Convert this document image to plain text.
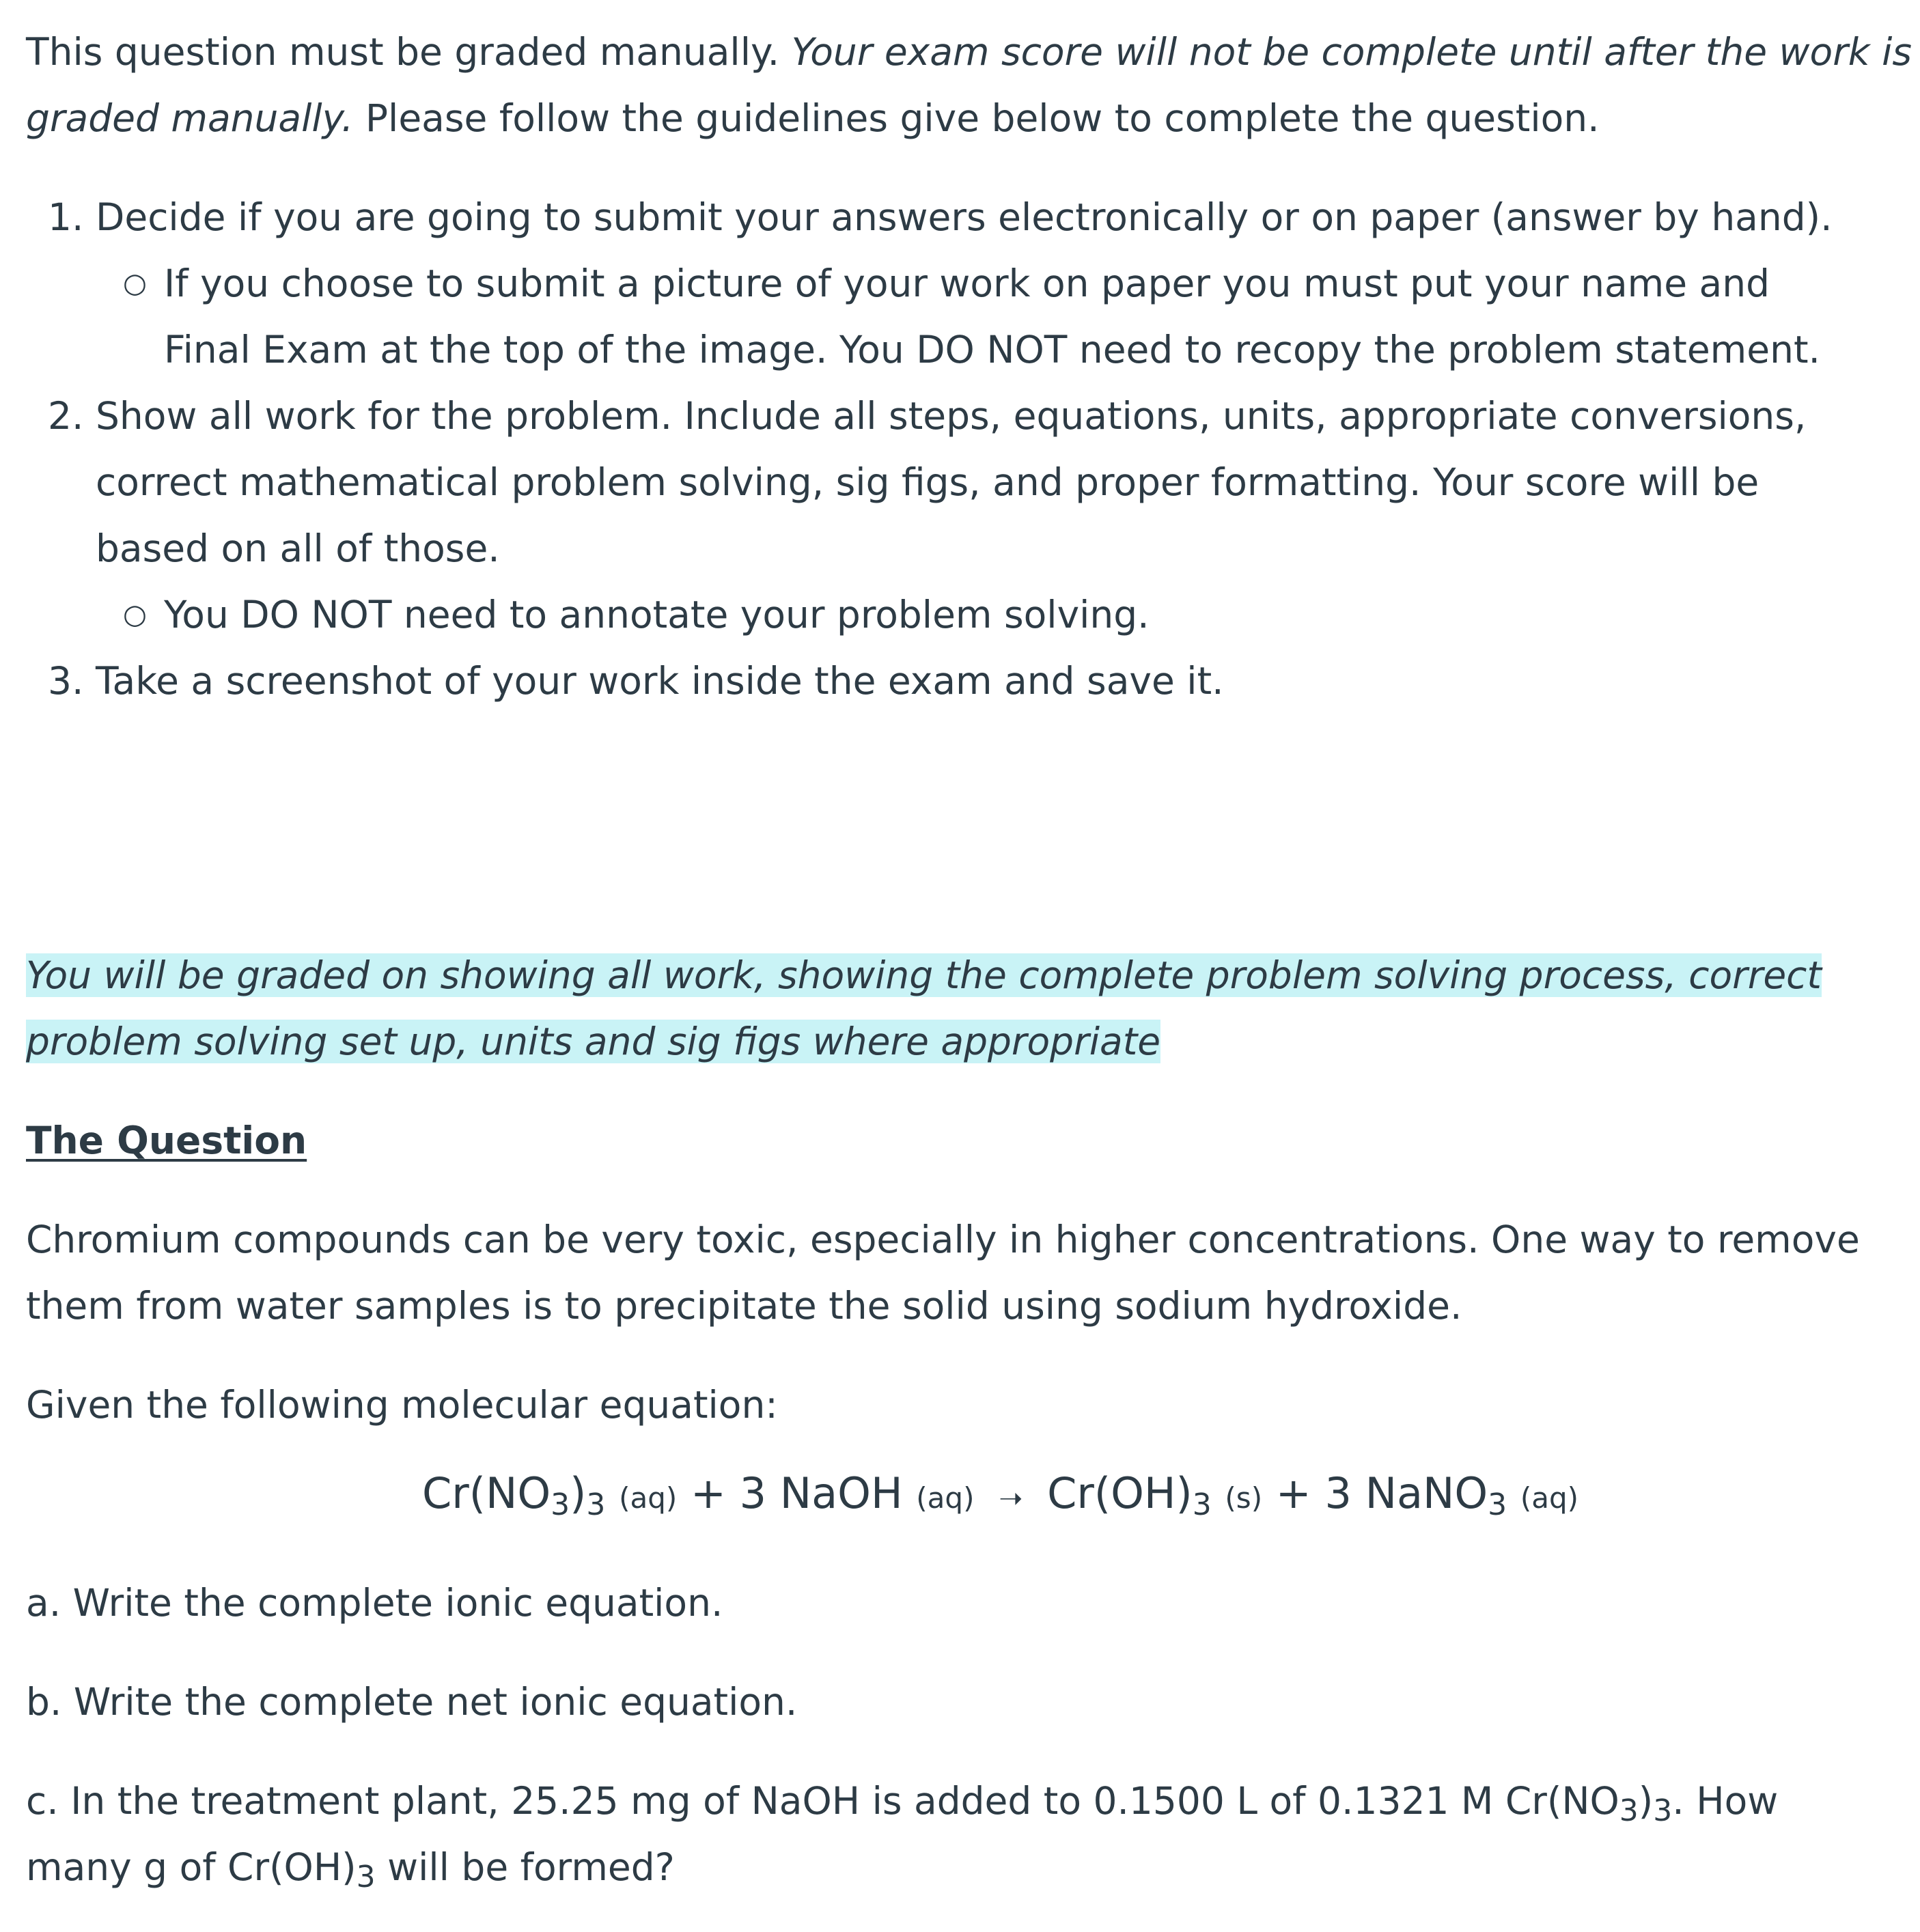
This question must be graded manually. Your exam score will not be complete until after the work is
graded manually. Please follow the guidelines give below to complete the question.
1. Decide if you are going to submit your answers electronically or on paper (answer by hand).
○ If you choose to submit a picture of your work on paper you must put your name and
Final Exam at the top of the image. You DO NOT need to recopy the problem statement.
2. Show all work for the problem. Include all steps, equations, units, appropriate conversions,
correct mathematical problem solving, sig figs, and proper formatting. Your score will be
based on all of those.
○ You DO NOT need to annotate your problem solving.
3. Take a screenshot of your work inside the exam and save it.
You will be graded on showing all work, showing the complete problem solving process, correct
problem solving set up, units and sig figs where appropriate
The Question
Chromium compounds can be very toxic, especially in higher concentrations. One way to remove
them from water samples is to precipitate the solid using sodium hydroxide.
Given the following molecular equation:
$Cr(NO_3)_3$ (aq) + 3 NaOH (aq) ➝ $Cr(OH)_3$ (s) + 3 NaNO$_3$ (aq)
a. Write the complete ionic equation.
b. Write the complete net ionic equation.
c. In the treatment plant, 25.25 mg of NaOH is added to 0.1500 L of 0.1321 M $Cr(NO_3)_3$. How
many g of $Cr(OH)_3$ will be formed?
